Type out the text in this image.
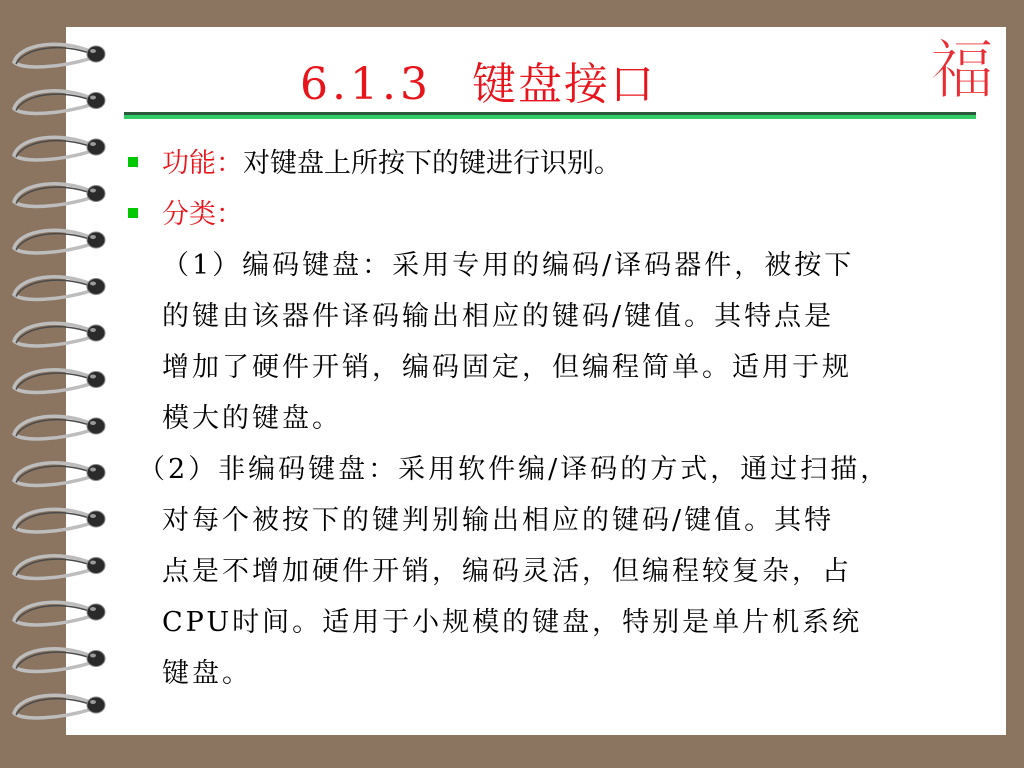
6.1.3 键盘接口	福
功能：对键盘上所按下的键进行识别。
分类：
（1）编码键盘：采用专用的编码/译码器件，被按下
的键由该器件译码输出相应的键码/键值。其特点是
增加了硬件开销，编码固定，但编程简单。适用于规
模大的键盘。
（2）非编码键盘：采用软件编/译码的方式，通过扫描，
对每个被按下的键判别输出相应的键码/键值。其特
点是不增加硬件开销，编码灵活，但编程较复杂，占
CPU时间。适用于小规模的键盘，特别是单片机系统
键盘。
